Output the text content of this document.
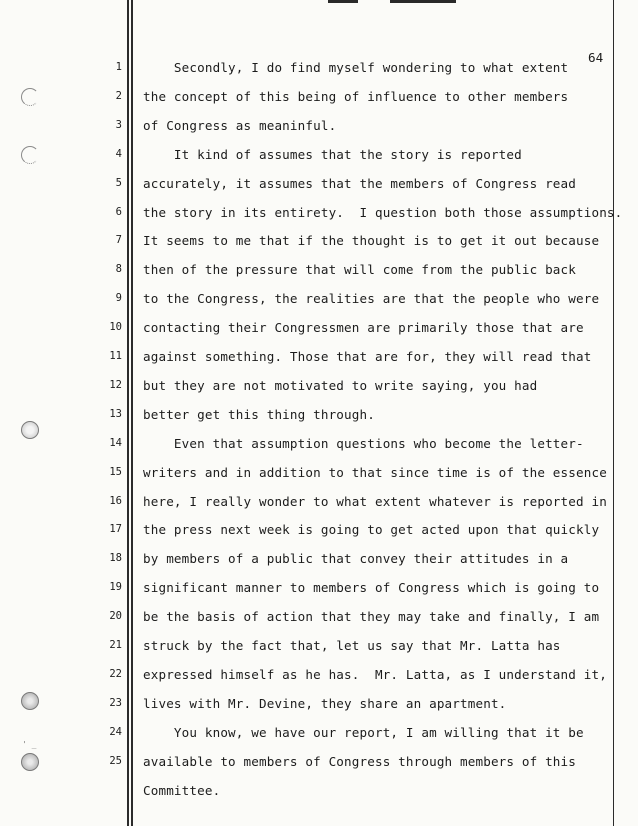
64
' _
1 Secondly, I do find myself wondering to what extent
2 the concept of this being of influence to other members
3 of Congress as meaninful.
4 It kind of assumes that the story is reported
5 accurately, it assumes that the members of Congress read
6 the story in its entirety.  I question both those assumptions.
7 It seems to me that if the thought is to get it out because
8 then of the pressure that will come from the public back
9 to the Congress, the realities are that the people who were
10 contacting their Congressmen are primarily those that are
11 against something. Those that are for, they will read that
12 but they are not motivated to write saying, you had
13 better get this thing through.
14 Even that assumption questions who become the letter-
15 writers and in addition to that since time is of the essence
16 here, I really wonder to what extent whatever is reported in
17 the press next week is going to get acted upon that quickly
18 by members of a public that convey their attitudes in a
19 significant manner to members of Congress which is going to
20 be the basis of action that they may take and finally, I am
21 struck by the fact that, let us say that Mr. Latta has
22 expressed himself as he has.  Mr. Latta, as I understand it,
23 lives with Mr. Devine, they share an apartment.
24 You know, we have our report, I am willing that it be
25 available to members of Congress through members of this
Committee.
